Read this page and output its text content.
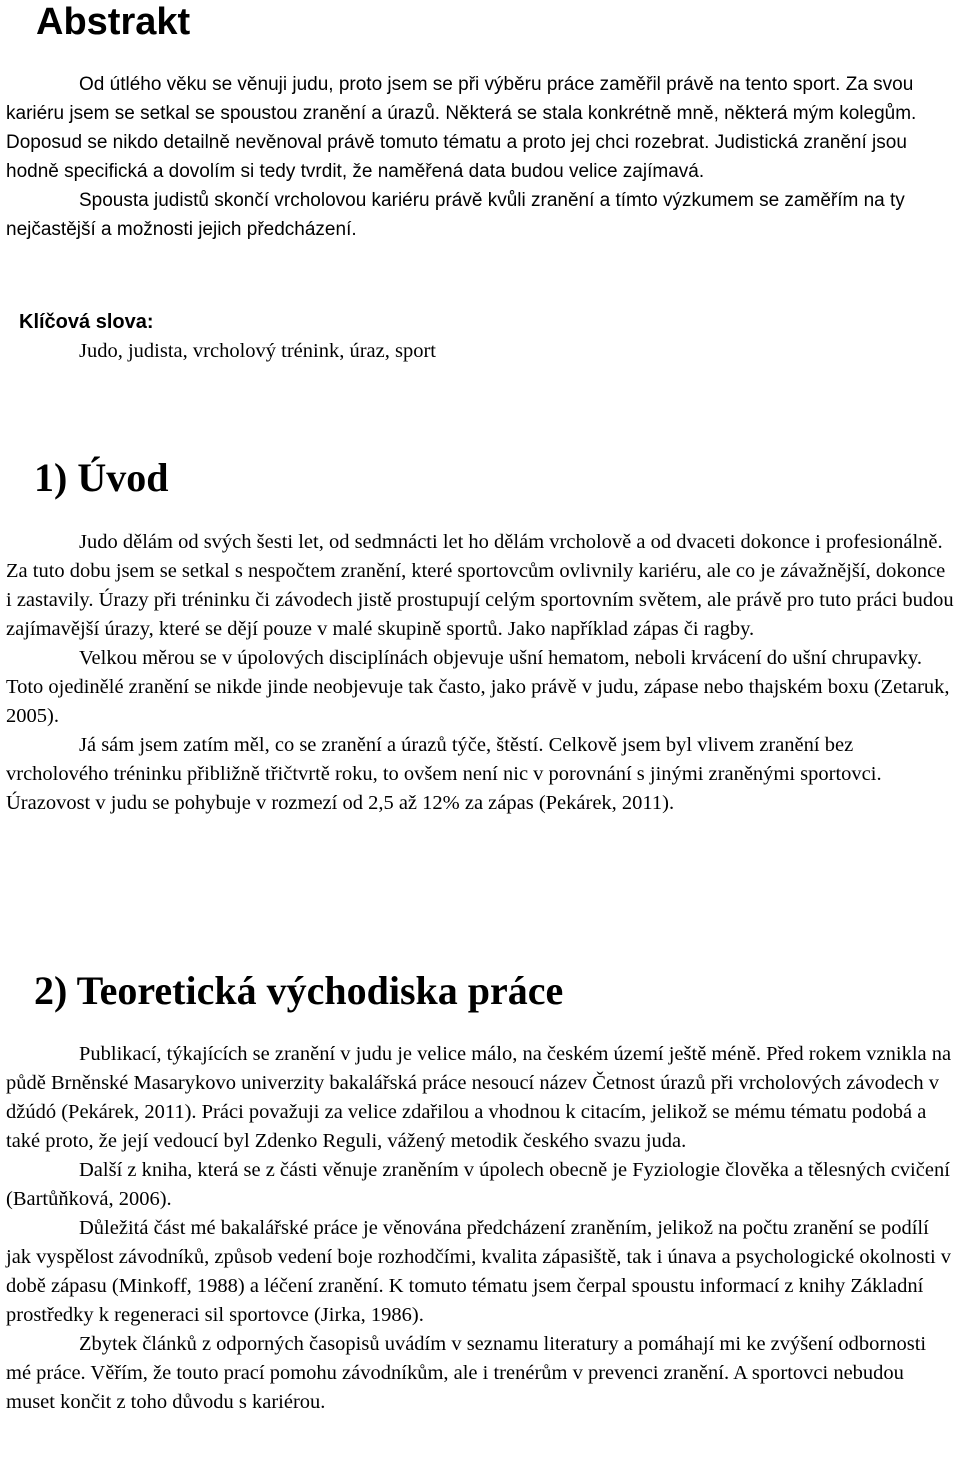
Abstrakt

Od útlého věku se věnuji judu, proto jsem se při výběru práce zaměřil právě na tento sport. Za svou kariéru jsem se setkal se spoustou zranění a úrazů. Některá se stala konkrétně mně, některá mým kolegům. Doposud se nikdo detailně nevěnoval právě tomuto tématu a proto jej chci rozebrat. Judistická zranění jsou hodně specifická a dovolím si tedy tvrdit, že naměřená data budou velice zajímavá.

Spousta judistů skončí vrcholovou kariéru právě kvůli zranění a tímto výzkumem se zaměřím na ty nejčastější a možnosti jejich předcházení.

Klíčová slova:
Judo, judista, vrcholový trénink, úraz, sport
1) Úvod

Judo dělám od svých šesti let, od sedmnácti let ho dělám vrcholově a od dvaceti dokonce i profesionálně. Za tuto dobu jsem se setkal s nespočtem zranění, které sportovcům ovlivnily kariéru, ale co je závažnější, dokonce i zastavily. Úrazy při tréninku či závodech jistě prostupují celým sportovním světem, ale právě pro tuto práci budou zajímavější úrazy, které se dějí pouze v malé skupině sportů. Jako například zápas či ragby.

Velkou měrou se v úpolových disciplínách objevuje ušní hematom, neboli krvácení do ušní chrupavky. Toto ojedinělé zranění se nikde jinde neobjevuje tak často, jako právě v judu, zápase nebo thajském boxu (Zetaruk, 2005).

Já sám jsem zatím měl, co se zranění a úrazů týče, štěstí. Celkově jsem byl vlivem zranění bez vrcholového tréninku přibližně třičtvrtě roku, to ovšem není nic v porovnání s jinými zraněnými sportovci. Úrazovost v judu se pohybuje v rozmezí od 2,5 až 12% za zápas (Pekárek, 2011).

2) Teoretická východiska práce

Publikací, týkajících se zranění v judu je velice málo, na českém území ještě méně. Před rokem vznikla na půdě Brněnské Masarykovo univerzity bakalářská práce nesoucí název Četnost úrazů při vrcholových závodech v džúdó (Pekárek, 2011). Práci považuji za velice zdařilou a vhodnou k citacím, jelikož se mému tématu podobá a také proto, že její vedoucí byl Zdenko Reguli, vážený metodik českého svazu juda.

Další z kniha, která se z části věnuje zraněním v úpolech obecně je Fyziologie člověka a tělesných cvičení (Bartůňková, 2006).

Důležitá část mé bakalářské práce je věnována předcházení zraněním, jelikož na počtu zranění se podílí jak vyspělost závodníků, způsob vedení boje rozhodčími, kvalita zápasiště, tak i únava a psychologické okolnosti v době zápasu (Minkoff, 1988) a léčení zranění. K tomuto tématu jsem čerpal spoustu informací z knihy Základní prostředky k regeneraci sil sportovce (Jirka, 1986).

Zbytek článků z odporných časopisů uvádím v seznamu literatury a pomáhají mi ke zvýšení odbornosti mé práce. Věřím, že touto prací pomohu závodníkům, ale i trenérům v prevenci zranění. A sportovci nebudou muset končit z toho důvodu s kariérou.
